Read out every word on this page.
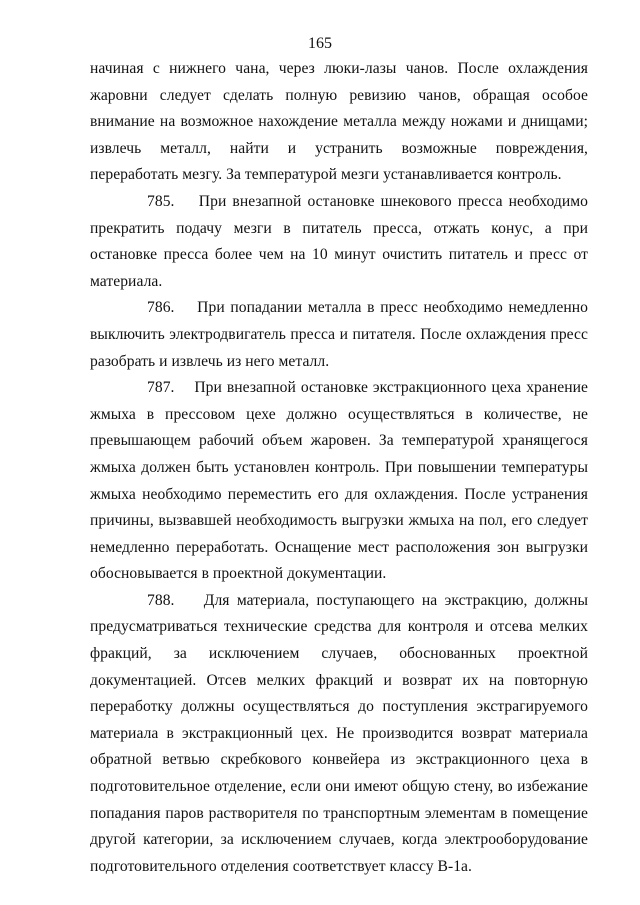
165

начиная с нижнего чана, через люки-лазы чанов. После охлаждения жаровни следует сделать полную ревизию чанов, обращая особое внимание на возможное нахождение металла между ножами и днищами; извлечь металл, найти и устранить возможные повреждения, переработать мезгу. За температурой мезги устанавливается контроль.

785. При внезапной остановке шнекового пресса необходимо прекратить подачу мезги в питатель пресса, отжать конус, а при остановке пресса более чем на 10 минут очистить питатель и пресс от материала.

786. При попадании металла в пресс необходимо немедленно выключить электродвигатель пресса и питателя. После охлаждения пресс разобрать и извлечь из него металл.

787. При внезапной остановке экстракционного цеха хранение жмыха в прессовом цехе должно осуществляться в количестве, не превышающем рабочий объем жаровен. За температурой хранящегося жмыха должен быть установлен контроль. При повышении температуры жмыха необходимо переместить его для охлаждения. После устранения причины, вызвавшей необходимость выгрузки жмыха на пол, его следует немедленно переработать. Оснащение мест расположения зон выгрузки обосновывается в проектной документации.

788. Для материала, поступающего на экстракцию, должны предусматриваться технические средства для контроля и отсева мелких фракций, за исключением случаев, обоснованных проектной документацией. Отсев мелких фракций и возврат их на повторную переработку должны осуществляться до поступления экстрагируемого материала в экстракционный цех. Не производится возврат материала обратной ветвью скребкового конвейера из экстракционного цеха в подготовительное отделение, если они имеют общую стену, во избежание попадания паров растворителя по транспортным элементам в помещение другой категории, за исключением случаев, когда электрооборудование подготовительного отделения соответствует классу В-1а.
